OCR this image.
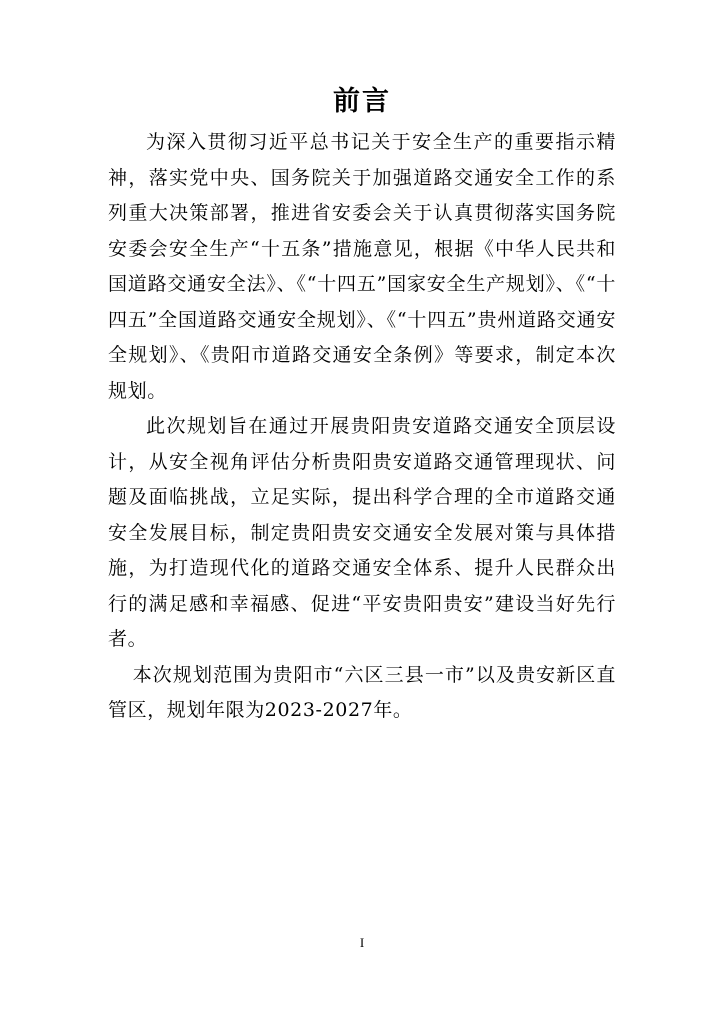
前言

为深入贯彻习近平总书记关于安全生产的重要指示精神，落实党中央、国务院关于加强道路交通安全工作的系列重大决策部署，推进省安委会关于认真贯彻落实国务院安委会安全生产“十五条”措施意见，根据《中华人民共和国道路交通安全法》、《“十四五”国家安全生产规划》、《“十四五”全国道路交通安全规划》、《“十四五”贵州道路交通安全规划》、《贵阳市道路交通安全条例》等要求，制定本次规划。

此次规划旨在通过开展贵阳贵安道路交通安全顶层设计，从安全视角评估分析贵阳贵安道路交通管理现状、问题及面临挑战，立足实际，提出科学合理的全市道路交通安全发展目标，制定贵阳贵安交通安全发展对策与具体措施，为打造现代化的道路交通安全体系、提升人民群众出行的满足感和幸福感、促进“平安贵阳贵安”建设当好先行者。

本次规划范围为贵阳市“六区三县一市”以及贵安新区直管区，规划年限为2023-2027年。

I
